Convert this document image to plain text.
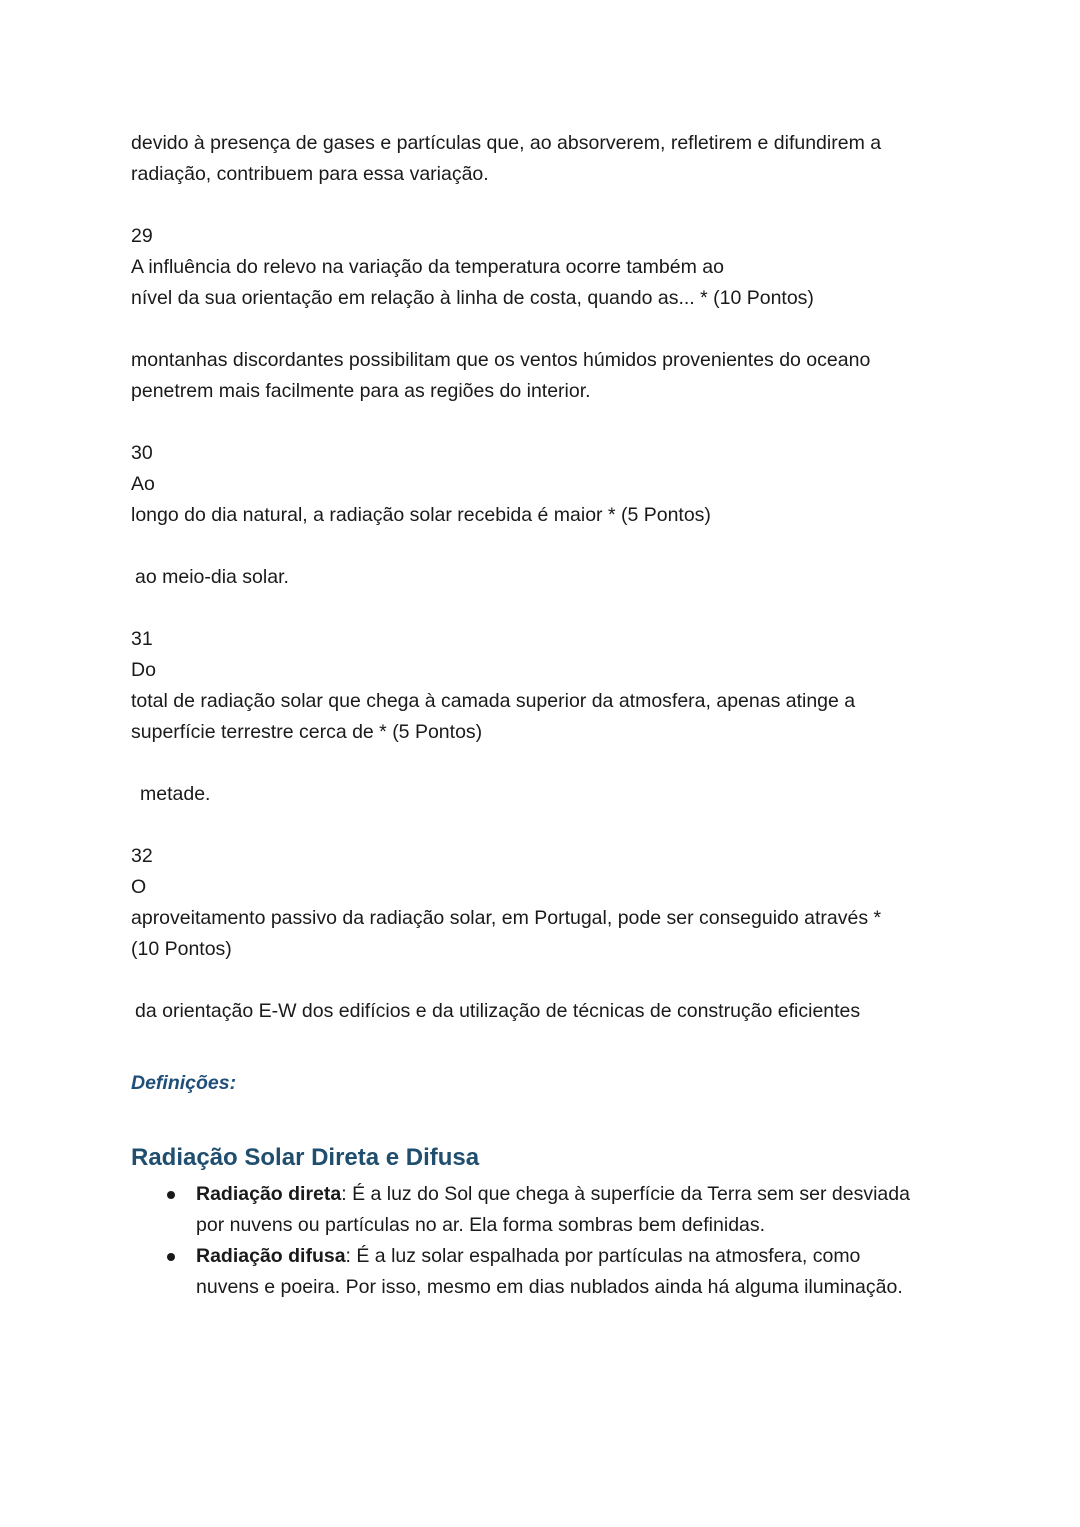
devido à presença de gases e partículas que, ao absorverem, refletirem e difundirem a
radiação, contribuem para essa variação.
29
A influência do relevo na variação da temperatura ocorre também ao
nível da sua orientação em relação à linha de costa, quando as... * (10 Pontos)
montanhas discordantes possibilitam que os ventos húmidos provenientes do oceano
penetrem mais facilmente para as regiões do interior.
30
Ao
longo do dia natural, a radiação solar recebida é maior * (5 Pontos)
ao meio-dia solar.
31
Do
total de radiação solar que chega à camada superior da atmosfera, apenas atinge a
superfície terrestre cerca de * (5 Pontos)
metade.
32
O
aproveitamento passivo da radiação solar, em Portugal, pode ser conseguido através *
(10 Pontos)
da orientação E-W dos edifícios e da utilização de técnicas de construção eficientes
Definições:
Radiação Solar Direta e Difusa
Radiação direta: É a luz do Sol que chega à superfície da Terra sem ser desviada por nuvens ou partículas no ar. Ela forma sombras bem definidas.
Radiação difusa: É a luz solar espalhada por partículas na atmosfera, como nuvens e poeira. Por isso, mesmo em dias nublados ainda há alguma iluminação.
